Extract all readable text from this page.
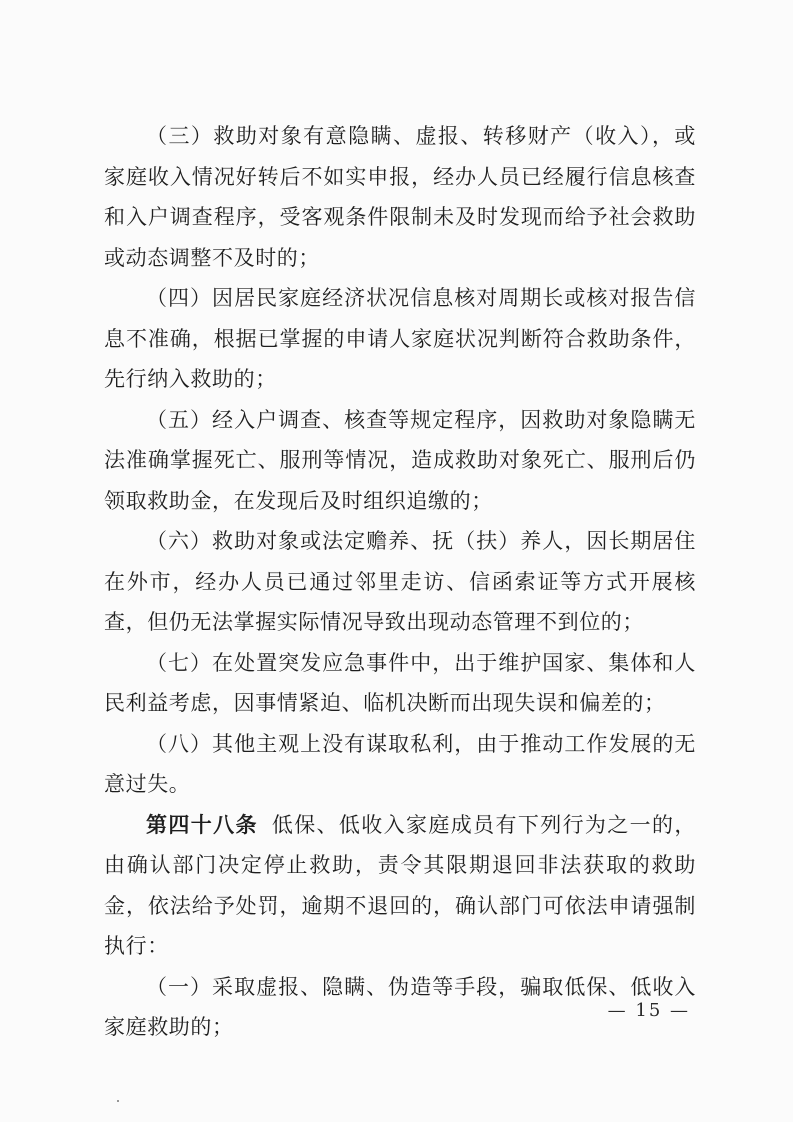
（三）救助对象有意隐瞒、虚报、转移财产（收入），或家庭收入情况好转后不如实申报，经办人员已经履行信息核查和入户调查程序，受客观条件限制未及时发现而给予社会救助或动态调整不及时的；

（四）因居民家庭经济状况信息核对周期长或核对报告信息不准确，根据已掌握的申请人家庭状况判断符合救助条件，先行纳入救助的；

（五）经入户调查、核查等规定程序，因救助对象隐瞒无法准确掌握死亡、服刑等情况，造成救助对象死亡、服刑后仍领取救助金，在发现后及时组织追缴的；

（六）救助对象或法定赡养、抚（扶）养人，因长期居住在外市，经办人员已通过邻里走访、信函索证等方式开展核查，但仍无法掌握实际情况导致出现动态管理不到位的；

（七）在处置突发应急事件中，出于维护国家、集体和人民利益考虑，因事情紧迫、临机决断而出现失误和偏差的；

（八）其他主观上没有谋取私利，由于推动工作发展的无意过失。

第四十八条 低保、低收入家庭成员有下列行为之一的，由确认部门决定停止救助，责令其限期退回非法获取的救助金，依法给予处罚，逾期不退回的，确认部门可依法申请强制执行：

（一）采取虚报、隐瞒、伪造等手段，骗取低保、低收入家庭救助的；

— 15 —
